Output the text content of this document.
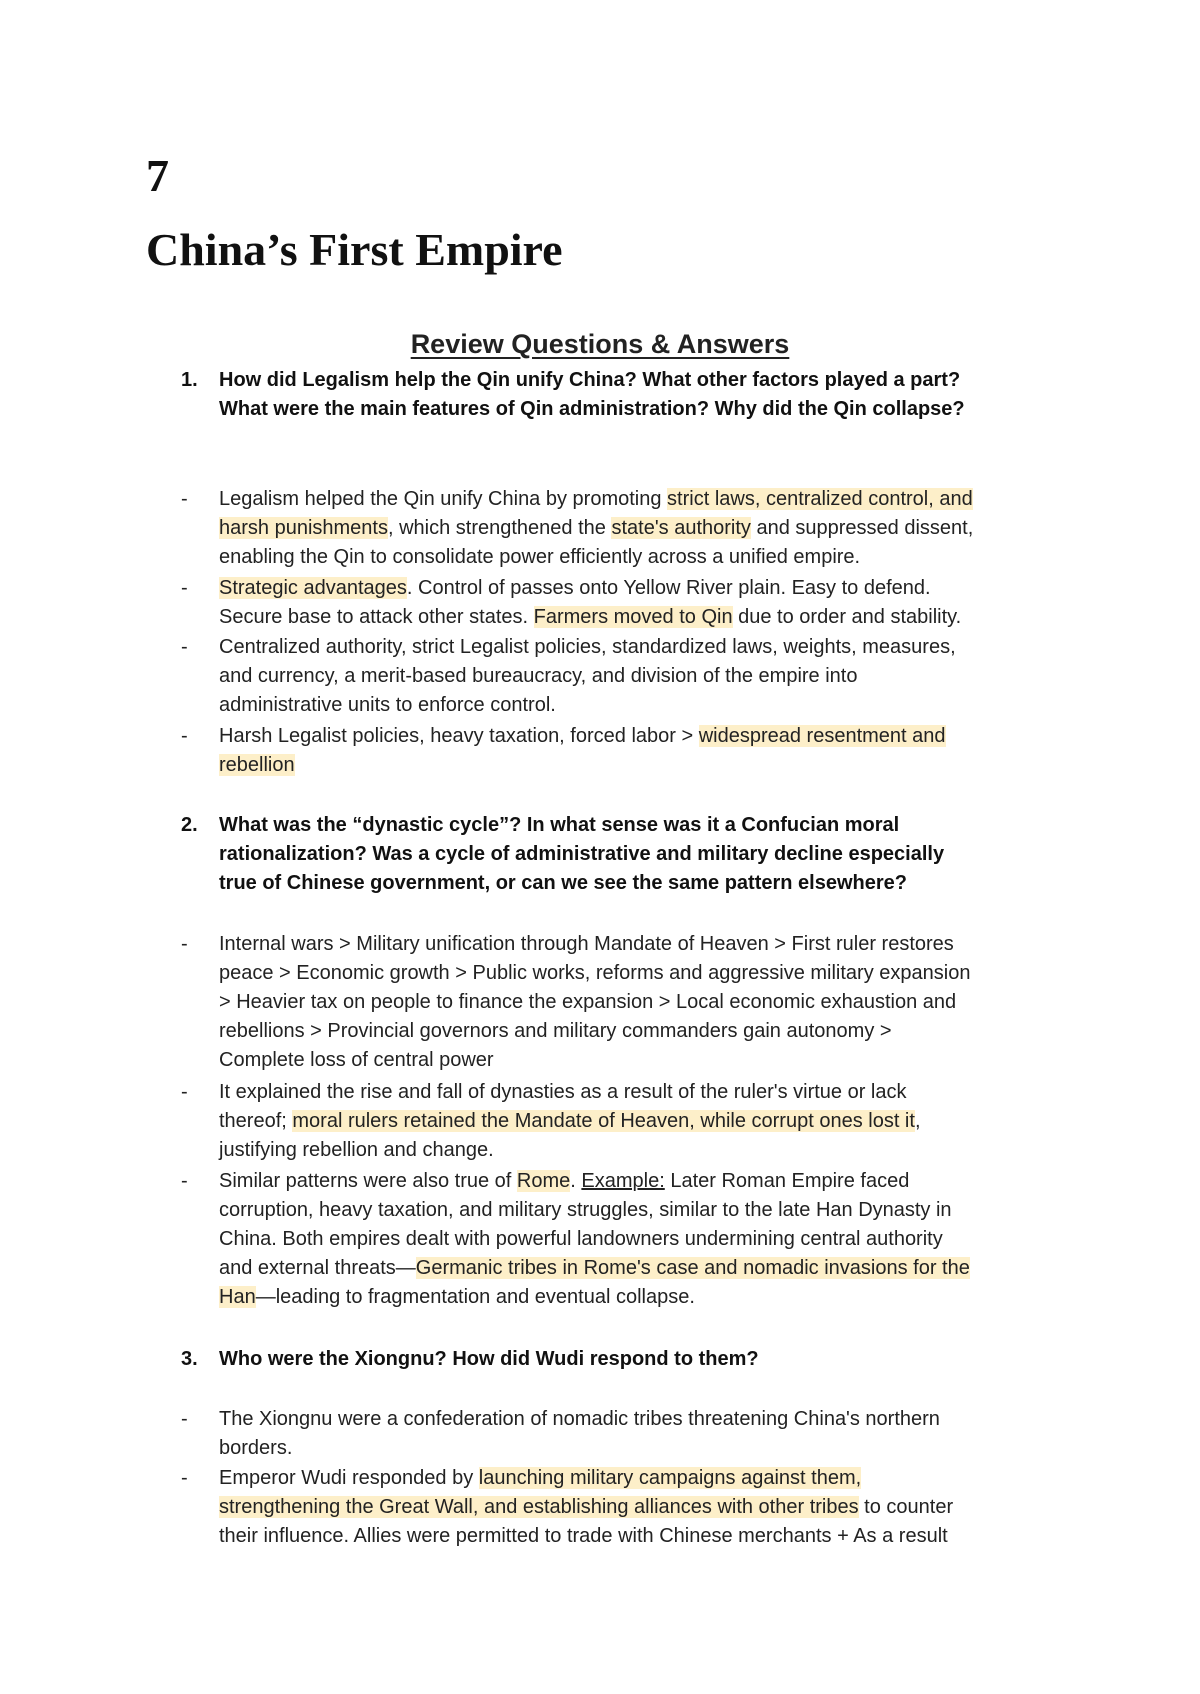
7
China’s First Empire
Review Questions & Answers
1. How did Legalism help the Qin unify China? What other factors played a part?
What were the main features of Qin administration? Why did the Qin collapse?
- Legalism helped the Qin unify China by promoting strict laws, centralized control, and
harsh punishments, which strengthened the state's authority and suppressed dissent,
enabling the Qin to consolidate power efficiently across a unified empire.
- Strategic advantages. Control of passes onto Yellow River plain. Easy to defend.
Secure base to attack other states. Farmers moved to Qin due to order and stability.
- Centralized authority, strict Legalist policies, standardized laws, weights, measures,
and currency, a merit-based bureaucracy, and division of the empire into
administrative units to enforce control.
- Harsh Legalist policies, heavy taxation, forced labor > widespread resentment and
rebellion
2. What was the “dynastic cycle”? In what sense was it a Confucian moral
rationalization? Was a cycle of administrative and military decline especially
true of Chinese government, or can we see the same pattern elsewhere?
- Internal wars > Military unification through Mandate of Heaven > First ruler restores
peace > Economic growth > Public works, reforms and aggressive military expansion
> Heavier tax on people to finance the expansion > Local economic exhaustion and
rebellions > Provincial governors and military commanders gain autonomy >
Complete loss of central power
- It explained the rise and fall of dynasties as a result of the ruler's virtue or lack
thereof; moral rulers retained the Mandate of Heaven, while corrupt ones lost it,
justifying rebellion and change.
- Similar patterns were also true of Rome. Example: Later Roman Empire faced
corruption, heavy taxation, and military struggles, similar to the late Han Dynasty in
China. Both empires dealt with powerful landowners undermining central authority
and external threats—Germanic tribes in Rome's case and nomadic invasions for the
Han—leading to fragmentation and eventual collapse.
3. Who were the Xiongnu? How did Wudi respond to them?
- The Xiongnu were a confederation of nomadic tribes threatening China's northern
borders.
- Emperor Wudi responded by launching military campaigns against them,
strengthening the Great Wall, and establishing alliances with other tribes to counter
their influence. Allies were permitted to trade with Chinese merchants + As a result
